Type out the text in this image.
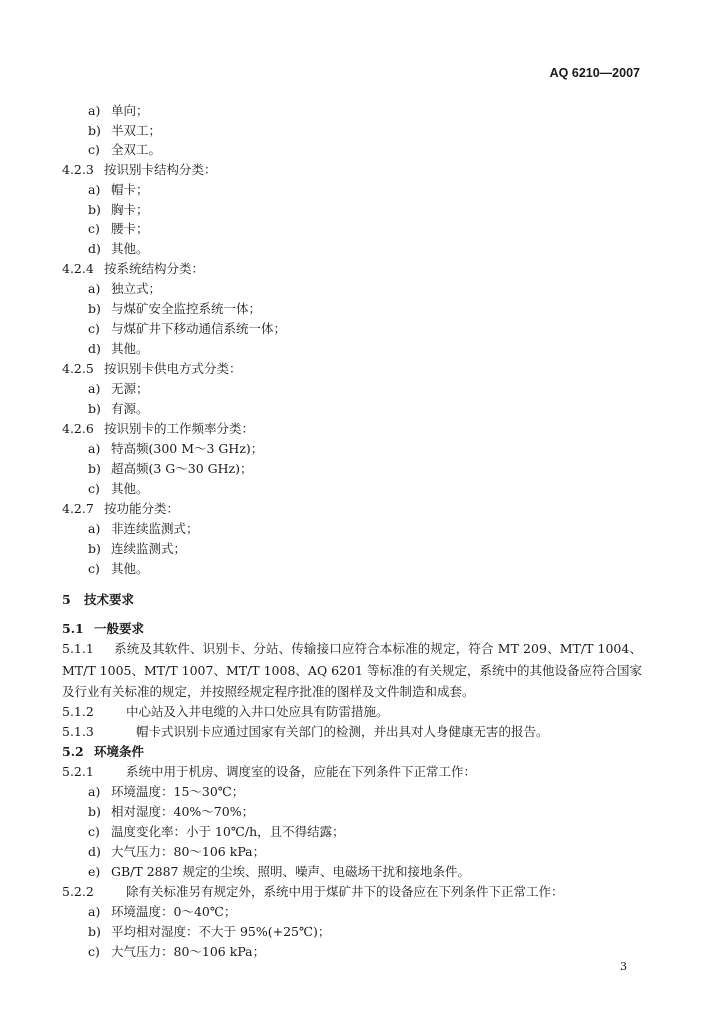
AQ 6210—2007
a) 单向；
b) 半双工；
c) 全双工。
4.2.3 按识别卡结构分类：
a) 帽卡；
b) 胸卡；
c) 腰卡；
d) 其他。
4.2.4 按系统结构分类：
a) 独立式；
b) 与煤矿安全监控系统一体；
c) 与煤矿井下移动通信系统一体；
d) 其他。
4.2.5 按识别卡供电方式分类：
a) 无源；
b) 有源。
4.2.6 按识别卡的工作频率分类：
a) 特高频(300 M～3 GHz)；
b) 超高频(3 G～30 GHz)；
c) 其他。
4.2.7 按功能分类：
a) 非连续监测式；
b) 连续监测式；
c) 其他。
5 技术要求
5.1 一般要求
5.1.1 系统及其软件、识别卡、分站、传输接口应符合本标准的规定，符合 MT 209、MT/T 1004、MT/T 1005、MT/T 1007、MT/T 1008、AQ 6201 等标准的有关规定，系统中的其他设备应符合国家及行业有关标准的规定，并按照经规定程序批准的图样及文件制造和成套。
5.1.2	中心站及入井电缆的入井口处应具有防雷措施。
5.1.3	帽卡式识别卡应通过国家有关部门的检测，并出具对人身健康无害的报告。
5.2 环境条件
5.2.1	系统中用于机房、调度室的设备，应能在下列条件下正常工作：
a) 环境温度：15～30℃；
b) 相对湿度：40%～70%；
c) 温度变化率：小于 10℃/h，且不得结露；
d) 大气压力：80～106 kPa；
e) GB/T 2887 规定的尘埃、照明、噪声、电磁场干扰和接地条件。
5.2.2	除有关标准另有规定外，系统中用于煤矿井下的设备应在下列条件下正常工作：
a) 环境温度：0～40℃；
b) 平均相对湿度：不大于 95%(+25℃)；
c) 大气压力：80～106 kPa；
3
